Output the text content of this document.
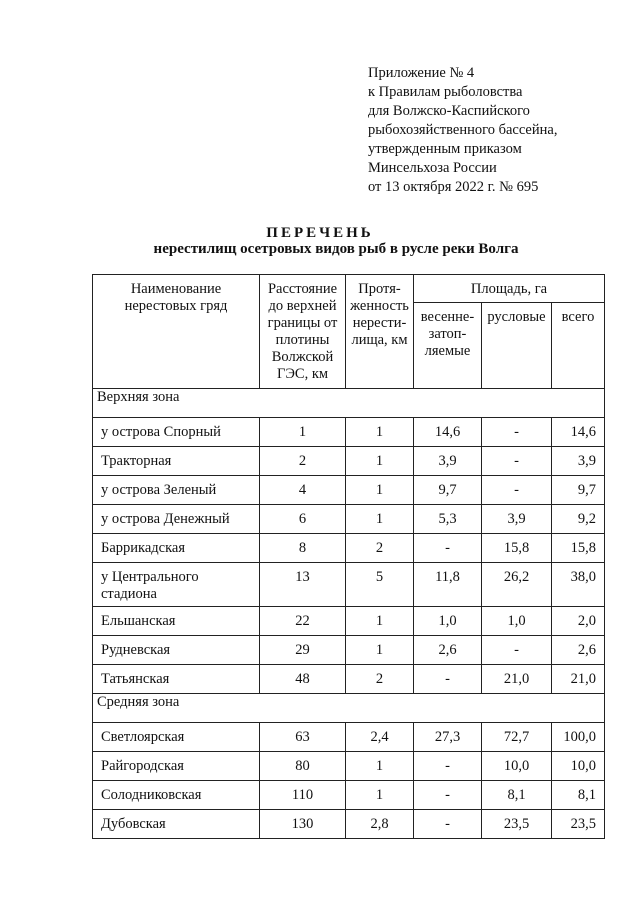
Приложение № 4
к Правилам рыболовства
для Волжско-Каспийского
рыбохозяйственного бассейна,
утвержденным приказом
Минсельхоза России
от 13 октября 2022 г. № 695
ПЕРЕЧЕНЬ
нерестилищ осетровых видов рыб в русле реки Волга
Наименование нерестовых гряд	Расстояние до верхней границы от плотины Волжской ГЭС, км	Протя-женность нерести-лища, км	Площадь, га		
			весенне-затоп-ляемые	русловые	всего
Верхняя зона					
у острова Спорный	1	1	14,6	-	14,6
Тракторная	2	1	3,9	-	3,9
у острова Зеленый	4	1	9,7	-	9,7
у острова Денежный	6	1	5,3	3,9	9,2
Баррикадская	8	2	-	15,8	15,8
у Центрального стадиона	13	5	11,8	26,2	38,0
Ельшанская	22	1	1,0	1,0	2,0
Рудневская	29	1	2,6	-	2,6
Татьянская	48	2	-	21,0	21,0
Средняя зона					
Светлоярская	63	2,4	27,3	72,7	100,0
Райгородская	80	1	-	10,0	10,0
Солодниковская	110	1	-	8,1	8,1
Дубовская	130	2,8	-	23,5	23,5
